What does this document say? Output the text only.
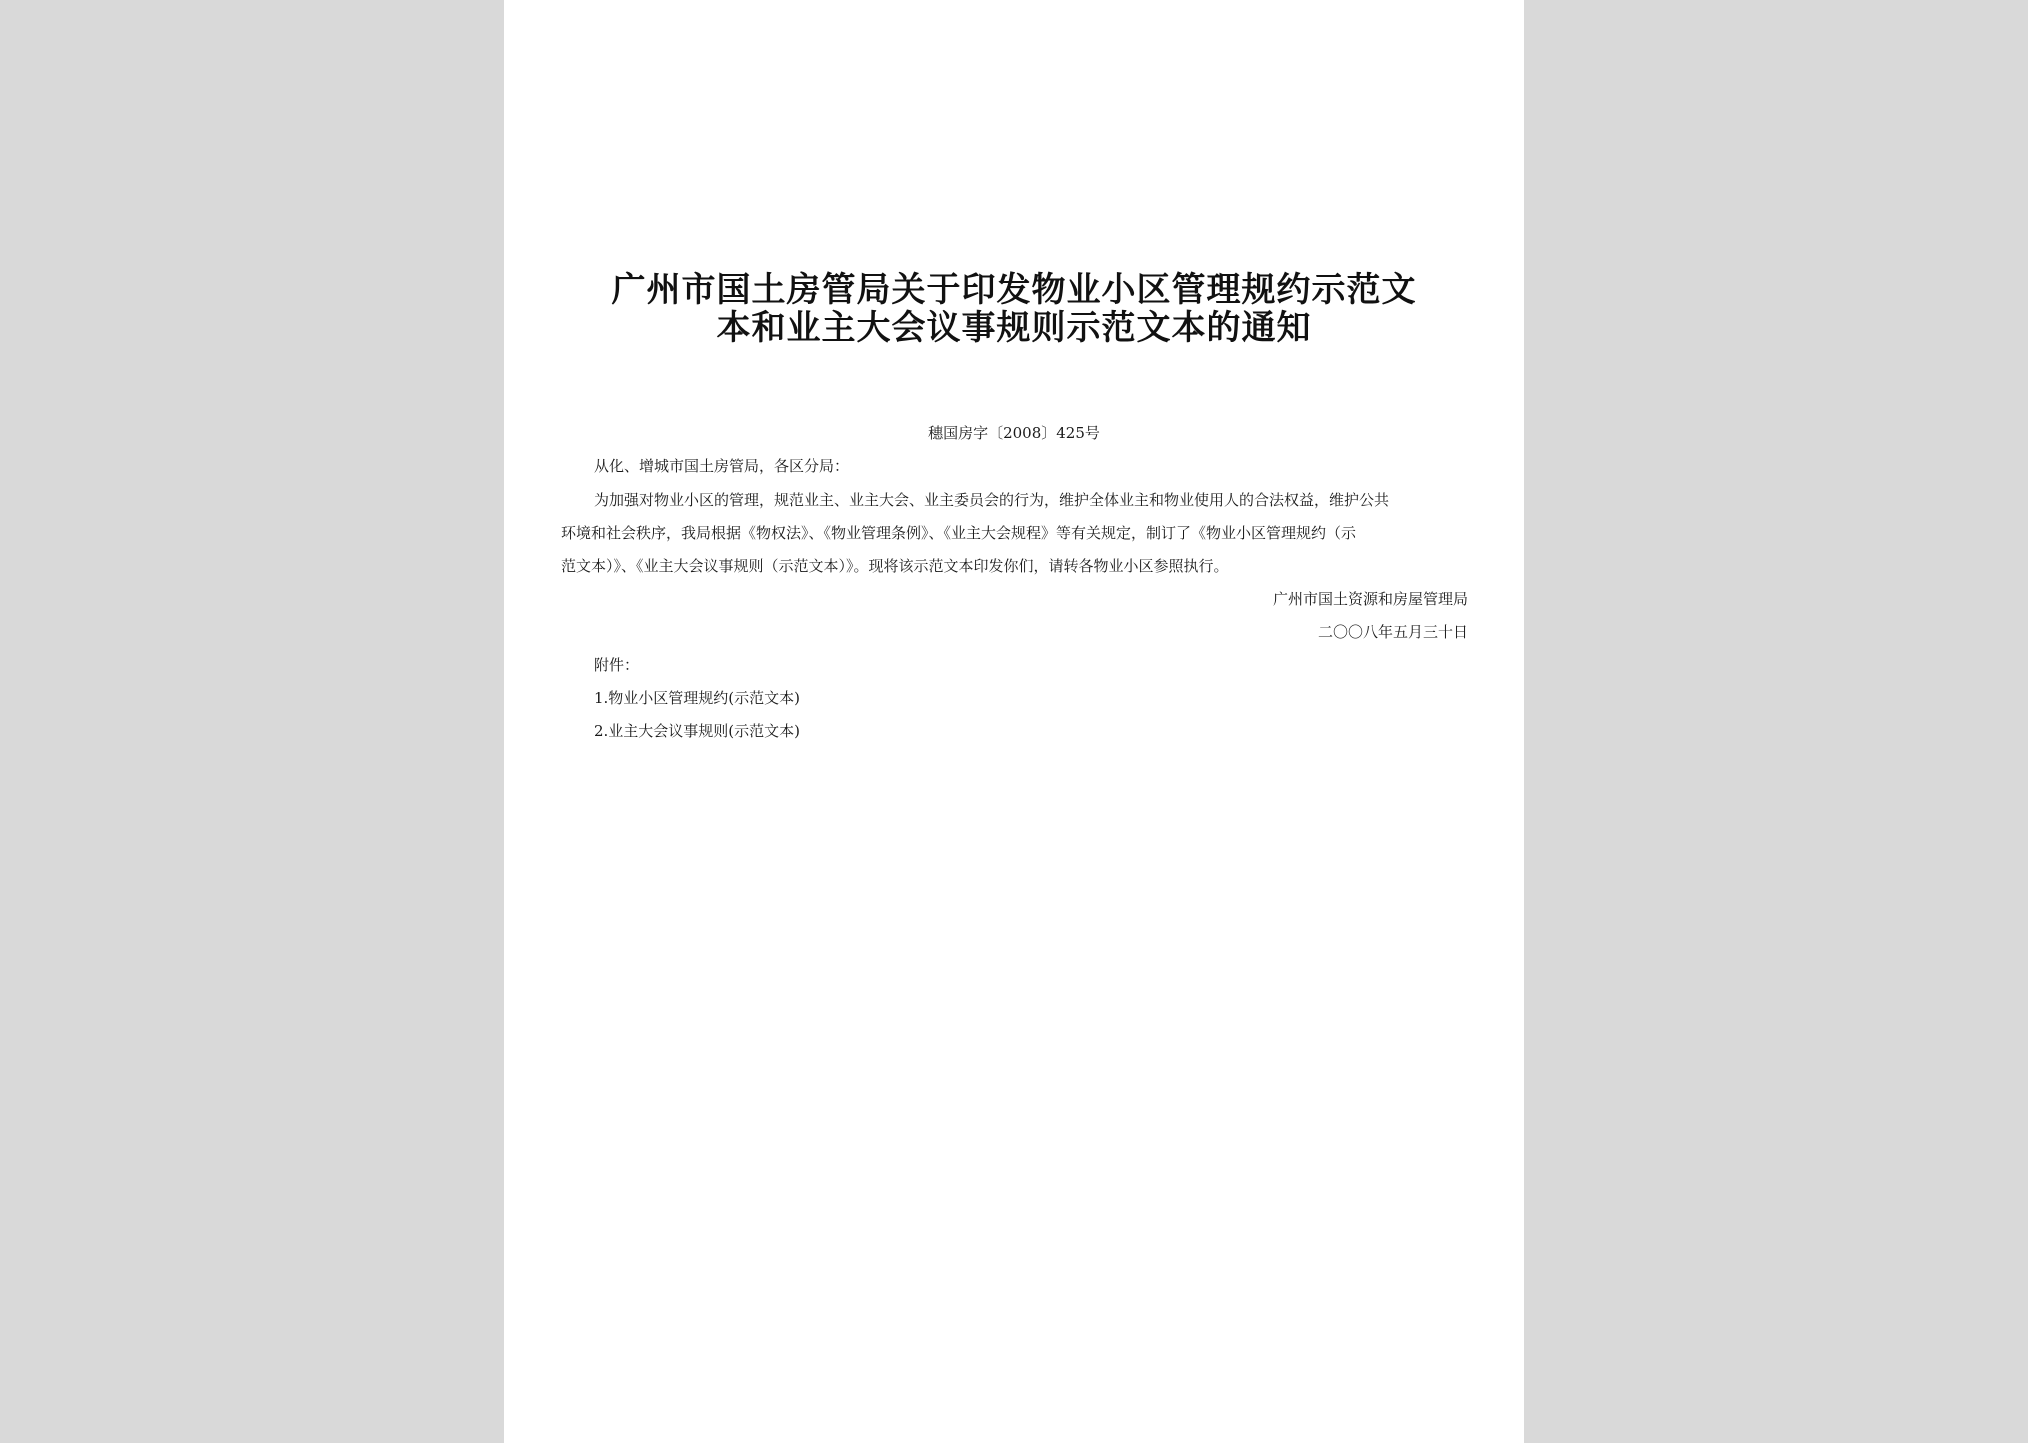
广州市国土房管局关于印发物业小区管理规约示范文
本和业主大会议事规则示范文本的通知
穗国房字〔2008〕425号
从化、增城市国土房管局，各区分局：
为加强对物业小区的管理，规范业主、业主大会、业主委员会的行为，维护全体业主和物业使用人的合法权益，维护公共
环境和社会秩序，我局根据《物权法》、《物业管理条例》、《业主大会规程》等有关规定，制订了《物业小区管理规约（示
范文本）》、《业主大会议事规则（示范文本）》。现将该示范文本印发你们，请转各物业小区参照执行。
广州市国土资源和房屋管理局
二〇〇八年五月三十日
附件：
1.物业小区管理规约(示范文本)
2.业主大会议事规则(示范文本)
